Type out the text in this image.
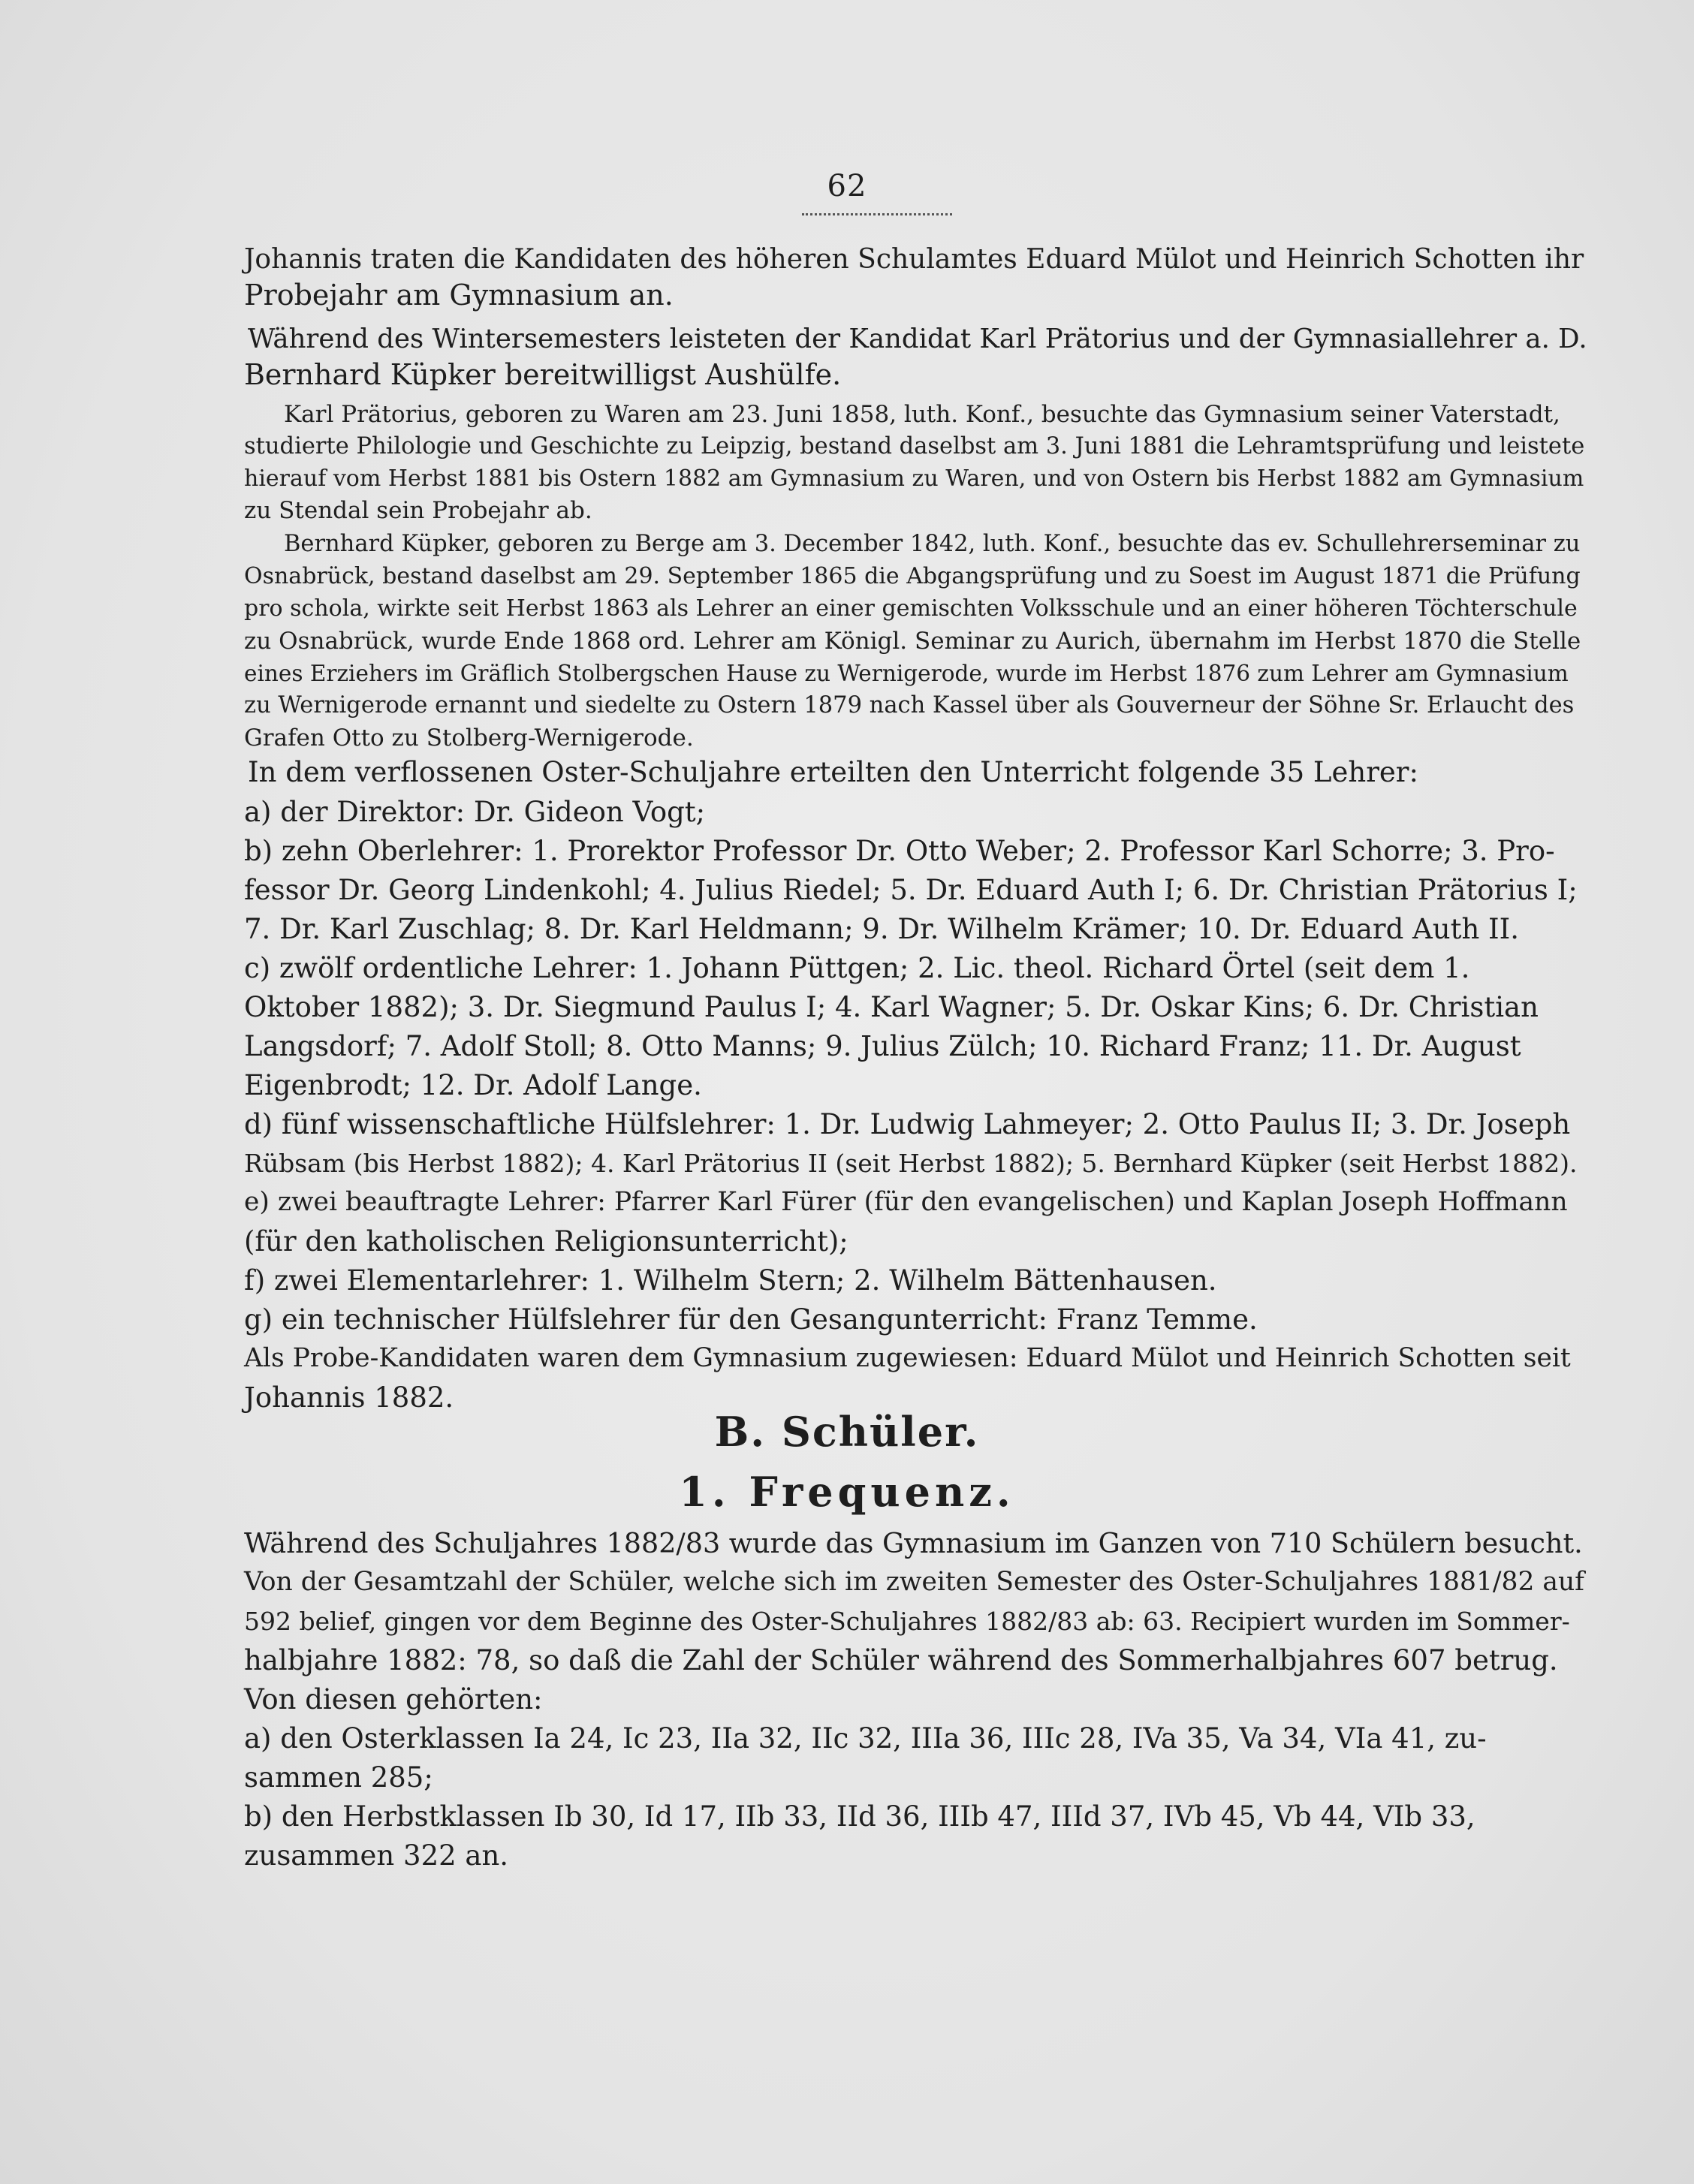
62
Johannis traten die Kandidaten des höheren Schulamtes Eduard Mülot und Heinrich Schotten ihr
Probejahr am Gymnasium an.
Während des Wintersemesters leisteten der Kandidat Karl Prätorius und der Gymnasiallehrer a. D.
Bernhard Küpker bereitwilligst Aushülfe.
Karl Prätorius, geboren zu Waren am 23. Juni 1858, luth. Konf., besuchte das Gymnasium seiner Vaterstadt,
studierte Philologie und Geschichte zu Leipzig, bestand daselbst am 3. Juni 1881 die Lehramtsprüfung und leistete
hierauf vom Herbst 1881 bis Ostern 1882 am Gymnasium zu Waren, und von Ostern bis Herbst 1882 am Gymnasium
zu Stendal sein Probejahr ab.
Bernhard Küpker, geboren zu Berge am 3. December 1842, luth. Konf., besuchte das ev. Schullehrerseminar zu
Osnabrück, bestand daselbst am 29. September 1865 die Abgangsprüfung und zu Soest im August 1871 die Prüfung
pro schola, wirkte seit Herbst 1863 als Lehrer an einer gemischten Volksschule und an einer höheren Töchterschule
zu Osnabrück, wurde Ende 1868 ord. Lehrer am Königl. Seminar zu Aurich, übernahm im Herbst 1870 die Stelle
eines Erziehers im Gräflich Stolbergschen Hause zu Wernigerode, wurde im Herbst 1876 zum Lehrer am Gymnasium
zu Wernigerode ernannt und siedelte zu Ostern 1879 nach Kassel über als Gouverneur der Söhne Sr. Erlaucht des
Grafen Otto zu Stolberg-Wernigerode.
In dem verflossenen Oster-Schuljahre erteilten den Unterricht folgende 35 Lehrer:
a) der Direktor: Dr. Gideon Vogt;
b) zehn Oberlehrer: 1. Prorektor Professor Dr. Otto Weber; 2. Professor Karl Schorre; 3. Pro-
fessor Dr. Georg Lindenkohl; 4. Julius Riedel; 5. Dr. Eduard Auth I; 6. Dr. Christian Prätorius I;
7. Dr. Karl Zuschlag; 8. Dr. Karl Heldmann; 9. Dr. Wilhelm Krämer; 10. Dr. Eduard Auth II.
c) zwölf ordentliche Lehrer: 1. Johann Püttgen; 2. Lic. theol. Richard Örtel (seit dem 1.
Oktober 1882); 3. Dr. Siegmund Paulus I; 4. Karl Wagner; 5. Dr. Oskar Kins; 6. Dr. Christian
Langsdorf; 7. Adolf Stoll; 8. Otto Manns; 9. Julius Zülch; 10. Richard Franz; 11. Dr. August
Eigenbrodt; 12. Dr. Adolf Lange.
d) fünf wissenschaftliche Hülfslehrer: 1. Dr. Ludwig Lahmeyer; 2. Otto Paulus II; 3. Dr. Joseph
Rübsam (bis Herbst 1882); 4. Karl Prätorius II (seit Herbst 1882); 5. Bernhard Küpker (seit Herbst 1882).
e) zwei beauftragte Lehrer: Pfarrer Karl Fürer (für den evangelischen) und Kaplan Joseph Hoffmann
(für den katholischen Religionsunterricht);
f) zwei Elementarlehrer: 1. Wilhelm Stern; 2. Wilhelm Bättenhausen.
g) ein technischer Hülfslehrer für den Gesangunterricht: Franz Temme.
Als Probe-Kandidaten waren dem Gymnasium zugewiesen: Eduard Mülot und Heinrich Schotten seit
Johannis 1882.
B. Schüler.
1. Frequenz.
Während des Schuljahres 1882/83 wurde das Gymnasium im Ganzen von 710 Schülern besucht.
Von der Gesamtzahl der Schüler, welche sich im zweiten Semester des Oster-Schuljahres 1881/82 auf
592 belief, gingen vor dem Beginne des Oster-Schuljahres 1882/83 ab: 63. Recipiert wurden im Sommer-
halbjahre 1882: 78, so daß die Zahl der Schüler während des Sommerhalbjahres 607 betrug.
Von diesen gehörten:
a) den Osterklassen Ia 24, Ic 23, IIa 32, IIc 32, IIIa 36, IIIc 28, IVa 35, Va 34, VIa 41, zu-
sammen 285;
b) den Herbstklassen Ib 30, Id 17, IIb 33, IId 36, IIIb 47, IIId 37, IVb 45, Vb 44, VIb 33,
zusammen 322 an.
